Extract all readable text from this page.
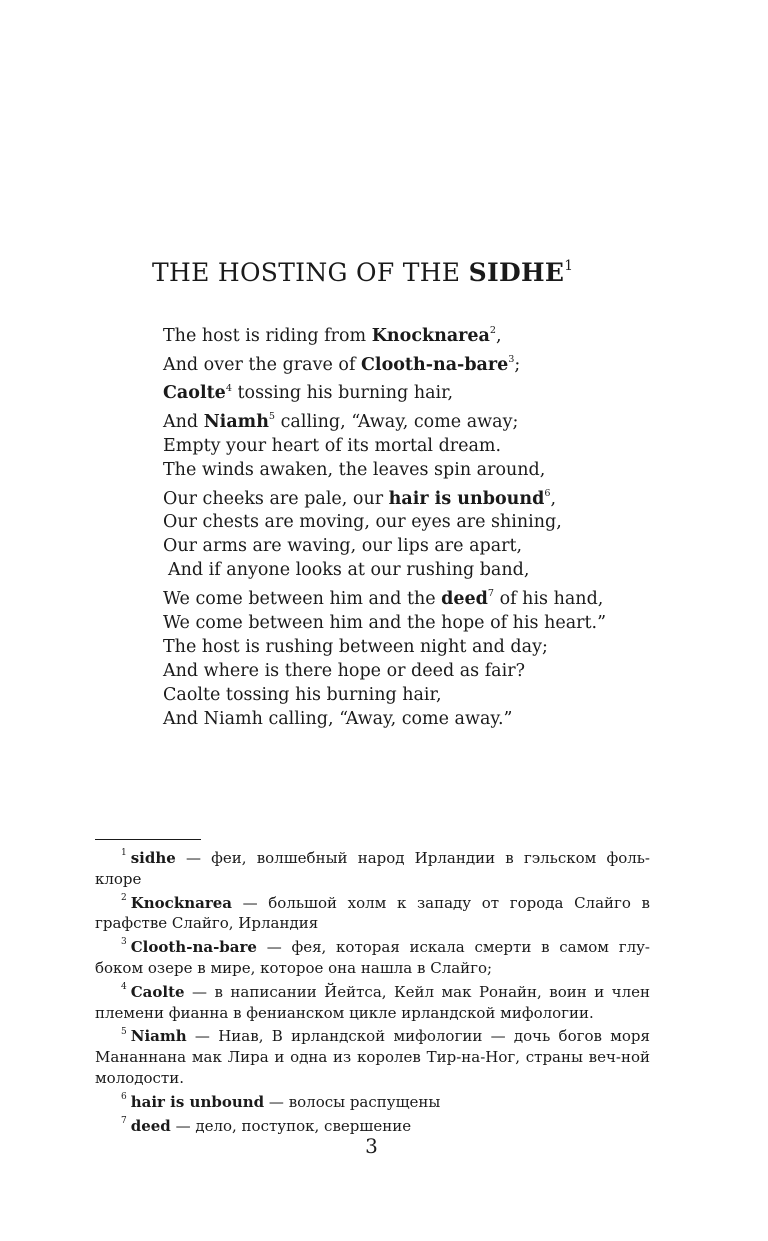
THE HOSTING OF THE SIDHE$^1$
The host is riding from Knocknarea$^2$,
And over the grave of Clooth-na-bare$^3$;
Caolte$^4$ tossing his burning hair,
And Niamh$^5$ calling, “Away, come away;
Empty your heart of its mortal dream.
The winds awaken, the leaves spin around,
Our cheeks are pale, our hair is unbound$^6$,
Our chests are moving, our eyes are shining,
Our arms are waving, our lips are apart,
And if anyone looks at our rushing band,
We come between him and the deed$^7$ of his hand,
We come between him and the hope of his heart.”
The host is rushing between night and day;
And where is there hope or deed as fair?
Caolte tossing his burning hair,
And Niamh calling, “Away, come away.”

$^1$ sidhe — феи, волшебный народ Ирландии в гэльском фоль-клоре

$^2$ Knocknarea — большой холм к западу от города Слайго в графстве Слайго, Ирландия

$^3$ Clooth-na-bare — фея, которая искала смерти в самом глу-боком озере в мире, которое она нашла в Слайго;

$^4$ Caolte — в написании Йейтса, Кейл мак Ронайн, воин и член племени фианна в фенианском цикле ирландской мифологии.

$^5$ Niamh — Ниав, В ирландской мифологии — дочь богов моря Мананнана мак Лира и одна из королев Тир-на-Ног, страны веч-ной молодости.

$^6$ hair is unbound — волосы распущены

$^7$ deed — дело, поступок, свершение

3
